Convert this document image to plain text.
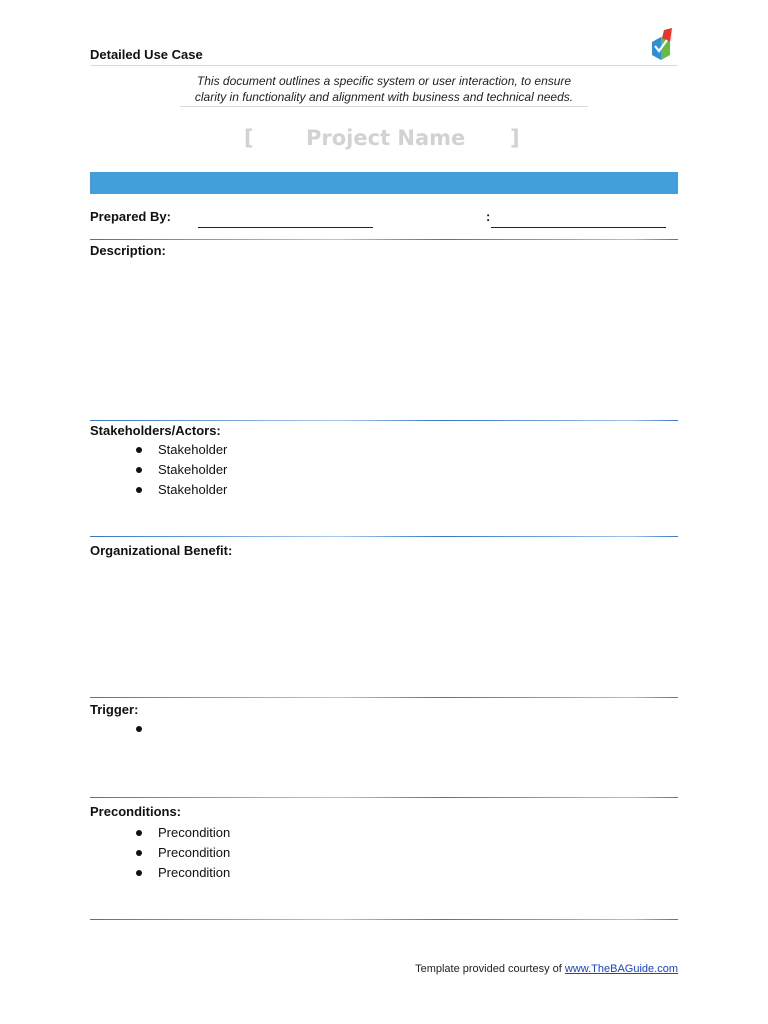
Detailed Use Case
This document outlines a specific system or user interaction, to ensure
clarity in functionality and alignment with business and technical needs.
[ Project Name ]
Prepared By:	:
Description:
Stakeholders/Actors:
Stakeholder
Stakeholder
Stakeholder
Organizational Benefit:
Trigger:
Preconditions:
Precondition
Precondition
Precondition
Template provided courtesy of www.TheBAGuide.com
